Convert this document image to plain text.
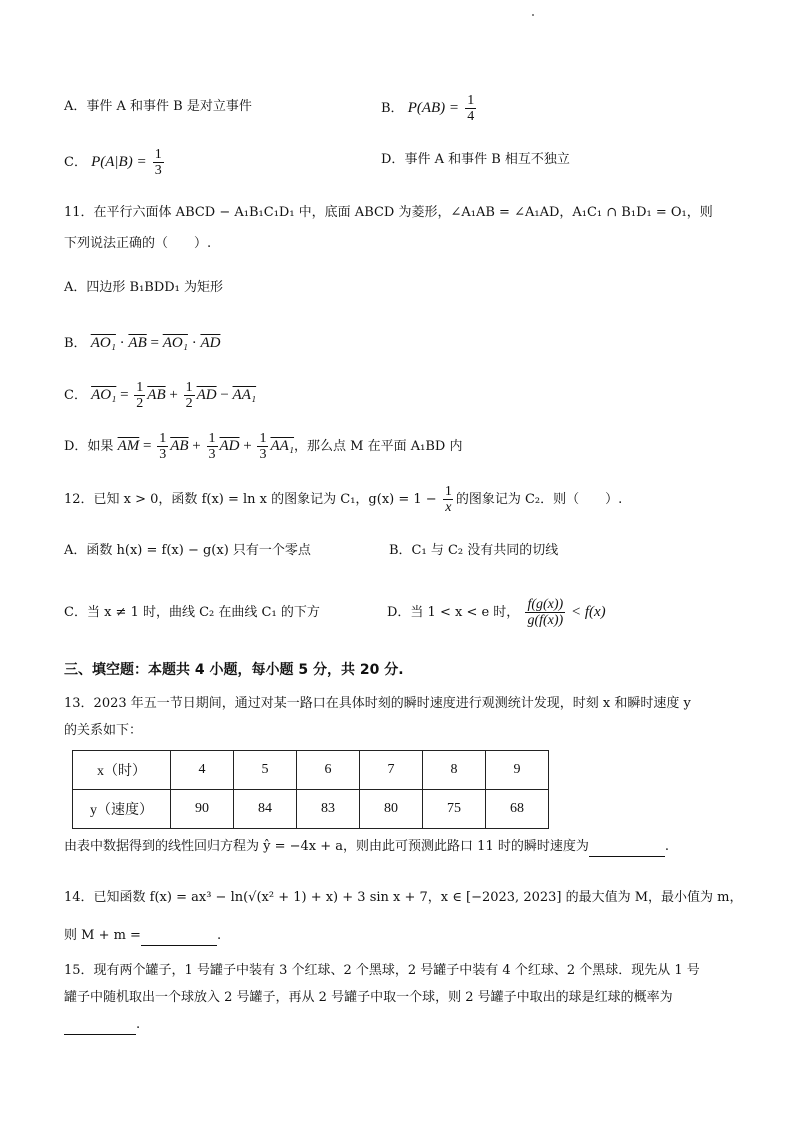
A．事件 A 和事件 B 是对立事件	B． $P(AB) = \frac{1}{4}$
C． $P(A|B) = \frac{1}{3}$	D．事件 A 和事件 B 相互不独立
11．在平行六面体 ABCD − A₁B₁C₁D₁ 中，底面 ABCD 为菱形，∠A₁AB = ∠A₁AD，A₁C₁ ∩ B₁D₁ = O₁，则
下列说法正确的（　　）.
A．四边形 B₁BDD₁ 为矩形
B． $AO_1 \cdot \overline{AB} = AO_1 \cdot \overline{AD}$
C． $AO_1 = \frac{1}{2} \overline{AB} + \frac{1}{2} \overline{AD} - AA_1$
D．如果 $\overline{AM} = \frac{1}{3} \overline{AB} + \frac{1}{3} \overline{AD} + \frac{1}{3} AA_1$，那么点 M 在平面 A₁BD 内
12．已知 x > 0，函数 f(x) = ln x 的图象记为 C₁，$g(x) = 1 - \frac{1}{x}$ 的图象记为 C₂．则（　　）.
A．函数 h(x) = f(x) − g(x) 只有一个零点	B．C₁ 与 C₂ 没有共同的切线
C．当 x ≠ 1 时，曲线 C₂ 在曲线 C₁ 的下方	D．当 1 < x < e 时， $\frac{f(g(x))}{g(f(x))} < f(x)$
三、填空题：本题共 4 小题，每小题 5 分，共 20 分.
13．2023 年五一节日期间，通过对某一路口在具体时刻的瞬时速度进行观测统计发现，时刻 x 和瞬时速度 y
的关系如下：
x（时）	4	5	6	7	8	9
y（速度）	90	84	83	80	75	68
由表中数据得到的线性回归方程为 ŷ = −4x + a，则由此可预测此路口 11 时的瞬时速度为	.
14．已知函数 f(x) = ax³ − ln(√(x² + 1) + x) + 3 sin x + 7，x ∈ [−2023, 2023] 的最大值为 M，最小值为 m，
则 M + m =	.
15．现有两个罐子，1 号罐子中装有 3 个红球、2 个黑球，2 号罐子中装有 4 个红球、2 个黑球．现先从 1 号
罐子中随机取出一个球放入 2 号罐子，再从 2 号罐子中取一个球，则 2 号罐子中取出的球是红球的概率为
.
